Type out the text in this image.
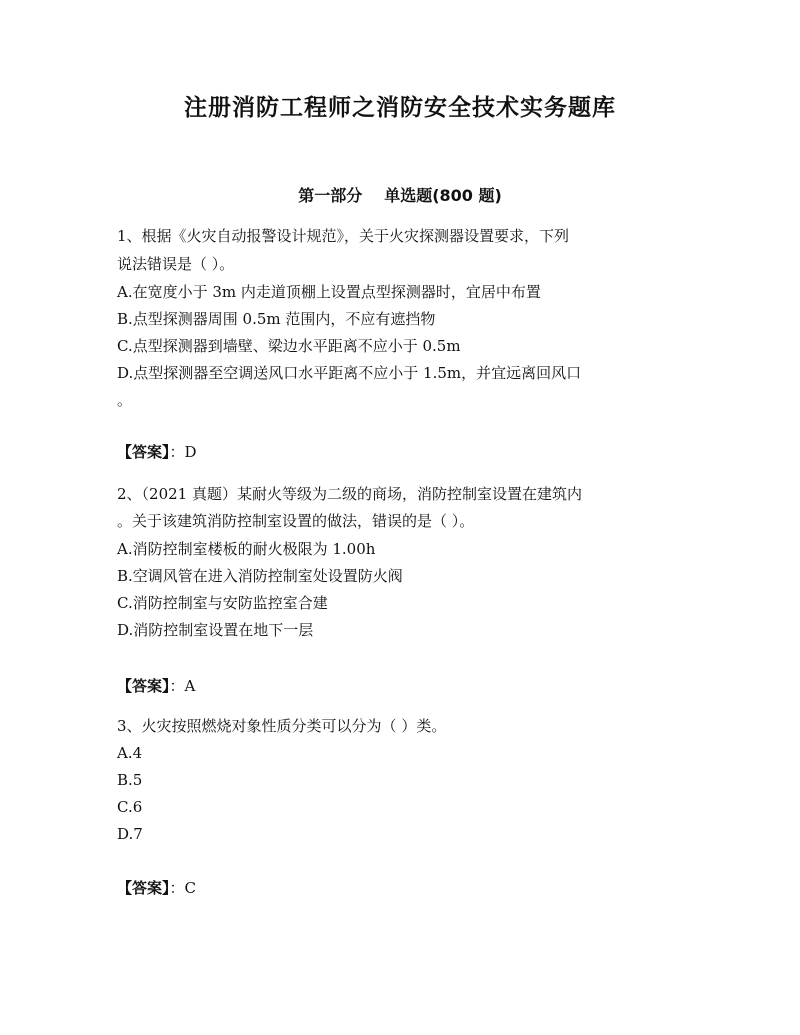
注册消防工程师之消防安全技术实务题库
第一部分 单选题(800 题)
1、根据《火灾自动报警设计规范》，关于火灾探测器设置要求，下列
说法错误是（ ）。
A.在宽度小于 3m 内走道顶棚上设置点型探测器时，宜居中布置
B.点型探测器周围 0.5m 范围内，不应有遮挡物
C.点型探测器到墙壁、梁边水平距离不应小于 0.5m
D.点型探测器至空调送风口水平距离不应小于 1.5m，并宜远离回风口
。
【答案】：D
2、（2021 真题）某耐火等级为二级的商场，消防控制室设置在建筑内
。关于该建筑消防控制室设置的做法，错误的是（ ）。
A.消防控制室楼板的耐火极限为 1.00h
B.空调风管在进入消防控制室处设置防火阀
C.消防控制室与安防监控室合建
D.消防控制室设置在地下一层
【答案】：A
3、火灾按照燃烧对象性质分类可以分为（ ）类。
A.4
B.5
C.6
D.7
【答案】：C
